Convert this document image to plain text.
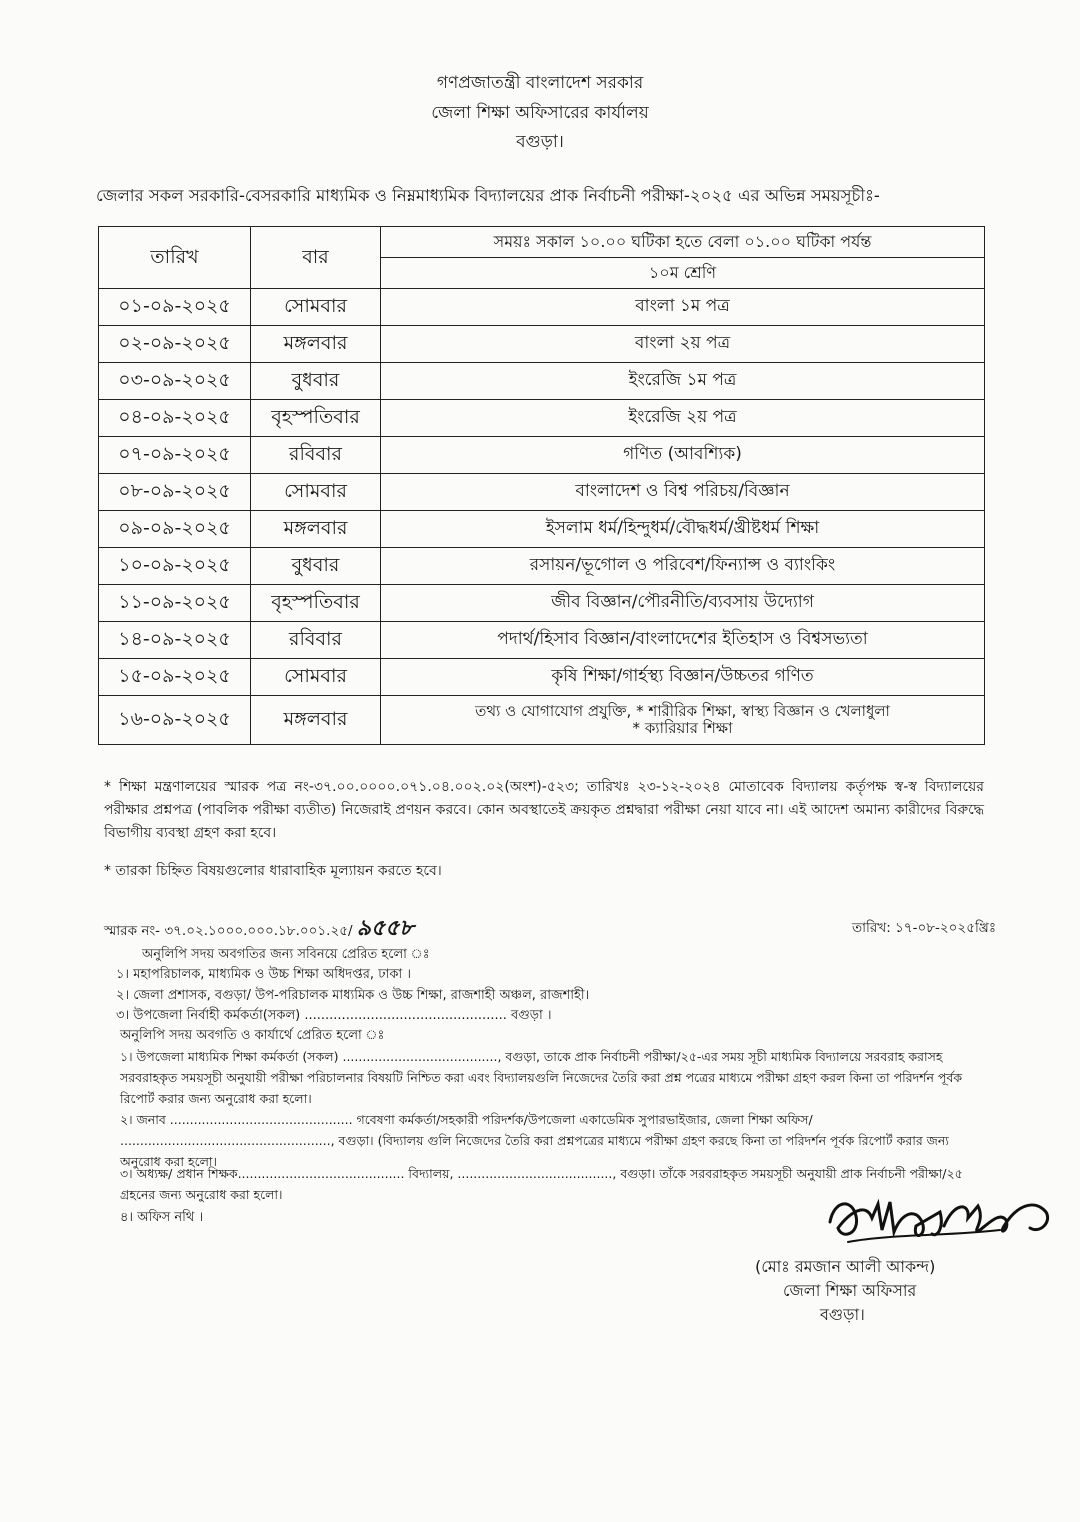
গণপ্রজাতন্ত্রী বাংলাদেশ সরকার
জেলা শিক্ষা অফিসারের কার্যালয়
বগুড়া।
জেলার সকল সরকারি-বেসরকারি মাধ্যমিক ও নিম্নমাধ্যমিক বিদ্যালয়ের প্রাক নির্বাচনী পরীক্ষা-২০২৫ এর অভিন্ন সময়সূচীঃ-
তারিখ	বার	সময়ঃ সকাল ১০.০০ ঘটিকা হতে বেলা ০১.০০ ঘটিকা পর্যন্ত
		১০ম শ্রেণি
০১-০৯-২০২৫	সোমবার	বাংলা ১ম পত্র
০২-০৯-২০২৫	মঙ্গলবার	বাংলা ২য় পত্র
০৩-০৯-২০২৫	বুধবার	ইংরেজি ১ম পত্র
০৪-০৯-২০২৫	বৃহস্পতিবার	ইংরেজি ২য় পত্র
০৭-০৯-২০২৫	রবিবার	গণিত (আবশ্যিক)
০৮-০৯-২০২৫	সোমবার	বাংলাদেশ ও বিশ্ব পরিচয়/বিজ্ঞান
০৯-০৯-২০২৫	মঙ্গলবার	ইসলাম ধর্ম/হিন্দুধর্ম/বৌদ্ধধর্ম/খ্রীষ্টধর্ম শিক্ষা
১০-০৯-২০২৫	বুধবার	রসায়ন/ভূগোল ও পরিবেশ/ফিন্যান্স ও ব্যাংকিং
১১-০৯-২০২৫	বৃহস্পতিবার	জীব বিজ্ঞান/পৌরনীতি/ব্যবসায় উদ্যোগ
১৪-০৯-২০২৫	রবিবার	পদার্থ/হিসাব বিজ্ঞান/বাংলাদেশের ইতিহাস ও বিশ্বসভ্যতা
১৫-০৯-২০২৫	সোমবার	কৃষি শিক্ষা/গার্হস্থ্য বিজ্ঞান/উচ্চতর গণিত
১৬-০৯-২০২৫	মঙ্গলবার	তথ্য ও যোগাযোগ প্রযুক্তি, * শারীরিক শিক্ষা, স্বাস্থ্য বিজ্ঞান ও খেলাধুলা
* ক্যারিয়ার শিক্ষা
* শিক্ষা মন্ত্রণালয়ের স্মারক পত্র নং-৩৭.০০.০০০০.০৭১.০৪.০০২.০২(অংশ)-৫২৩; তারিখঃ ২৩-১২-২০২৪ মোতাবেক বিদ্যালয় কর্তৃপক্ষ স্ব-স্ব বিদ্যালয়ের পরীক্ষার প্রশ্নপত্র (পাবলিক পরীক্ষা ব্যতীত) নিজেরাই প্রণয়ন করবে। কোন অবস্থাতেই ক্রয়কৃত প্রশ্নদ্বারা পরীক্ষা নেয়া যাবে না। এই আদেশ অমান্য কারীদের বিরুদ্ধে বিভাগীয় ব্যবস্থা গ্রহণ করা হবে।
* তারকা চিহ্নিত বিষয়গুলোর ধারাবাহিক মূল্যায়ন করতে হবে।
স্মারক নং- ৩৭.০২.১০০০.০০০.১৮.০০১.২৫/ ৯৫৫৮	তারিখ: ১৭-০৮-২০২৫খ্রিঃ
অনুলিপি সদয় অবগতির জন্য সবিনয়ে প্রেরিত হলো ঃ
১। মহাপরিচালক, মাধ্যমিক ও উচ্চ শিক্ষা অধিদপ্তর, ঢাকা ।
২। জেলা প্রশাসক, বগুড়া/ উপ-পরিচালক মাধ্যমিক ও উচ্চ শিক্ষা, রাজশাহী অঞ্চল, রাজশাহী।
৩। উপজেলা নির্বাহী কর্মকর্তা(সকল) ................................................. বগুড়া ।
অনুলিপি সদয় অবগতি ও কার্যার্থে প্রেরিত হলো ঃ
১। উপজেলা মাধ্যমিক শিক্ষা কর্মকর্তা (সকল) ......................................., বগুড়া, তাকে প্রাক নির্বাচনী পরীক্ষা/২৫-এর সময় সূচী মাধ্যমিক বিদ্যালয়ে সরবরাহ করাসহ সরবরাহকৃত সময়সূচী অনুযায়ী পরীক্ষা পরিচালনার বিষয়টি নিশ্চিত করা এবং বিদ্যালয়গুলি নিজেদের তৈরি করা প্রশ্ন পত্রের মাধ্যমে পরীক্ষা গ্রহণ করল কিনা তা পরিদর্শন পূর্বক রিপোর্ট করার জন্য অনুরোধ করা হলো।
২। জনাব .............................................. গবেষণা কর্মকর্তা/সহকারী পরিদর্শক/উপজেলা একাডেমিক সুপারভাইজার, জেলা শিক্ষা অফিস/ ....................................................., বগুড়া। (বিদ্যালয় গুলি নিজেদের তৈরি করা প্রশ্নপত্রের মাধ্যমে পরীক্ষা গ্রহণ করছে কিনা তা পরিদর্শন পূর্বক রিপোর্ট করার জন্য অনুরোধ করা হলো।
৩। অধ্যক্ষ/ প্রধান শিক্ষক.......................................... বিদ্যালয়, ......................................., বগুড়া। তাঁকে সরবরাহকৃত সময়সূচী অনুযায়ী প্রাক নির্বাচনী পরীক্ষা/২৫ গ্রহনের জন্য অনুরোধ করা হলো।
৪। অফিস নথি ।
(মোঃ রমজান আলী আকন্দ)
জেলা শিক্ষা অফিসার
বগুড়া।
